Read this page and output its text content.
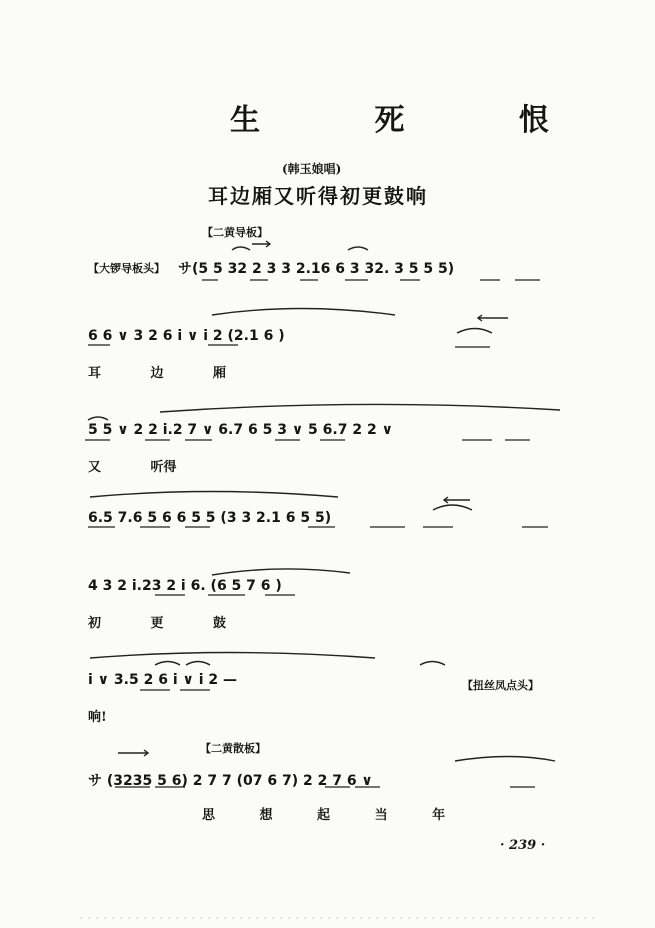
生 死 恨
(韩玉娘唱)
耳边厢又听得初更鼓响
【二黄导板】
【大锣导板头】 サ(5 5 32 2 3 3 2.16 6 3 32. 3 5 5 5)
6 6 ∨ 3 2 6 i ∨ i 2 (2.1 6 )
耳 边 厢
5 5 ∨ 2 2 i.2 7 ∨ 6.7 6 5 3 ∨ 5 6.7 2 2 ∨
又 听得
6.5 7.6 5 6 6 5 5 (3 3 2.1 6 5 5)
4 3 2 i.23 2 i 6. (6 5 7 6 )
初 更 鼓
i ∨ 3.5 2 6 i ∨ i 2 —	【扭丝凤点头】
响!
【二黄散板】
サ (3235 5 6) 2 7 7 (07 6 7) 2 2 7 6 ∨
思 想 起 当 年
· 239 ·
